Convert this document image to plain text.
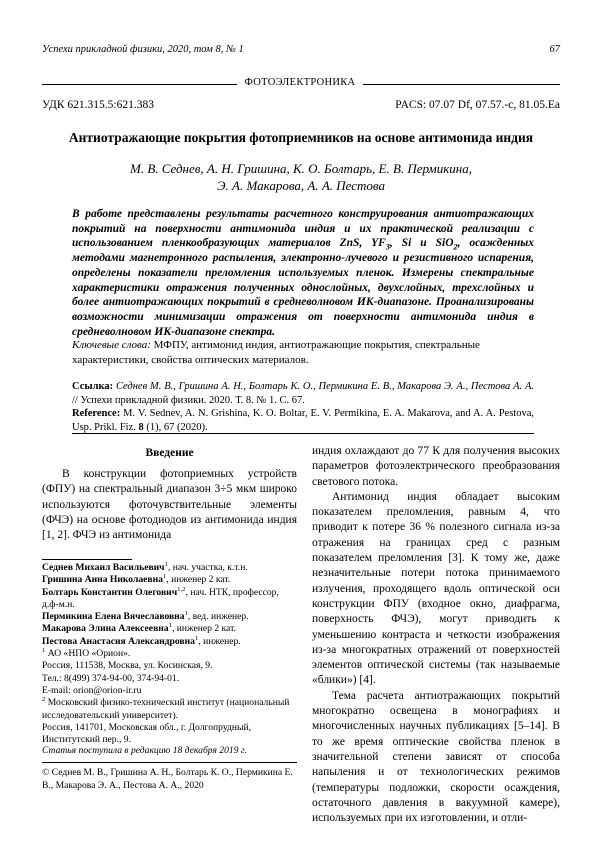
Успехи прикладной физики, 2020, том 8, № 1	67
ФОТОЭЛЕКТРОНИКА
УДК 621.315.5:621.383	PACS: 07.07 Df, 07.57.-c, 81.05.Ea
Антиотражающие покрытия фотоприемников на основе антимонида индия
М. В. Седнев, А. Н. Гришина, К. О. Болтарь, Е. В. Пермикина,
Э. А. Макарова, А. А. Пестова
В работе представлены результаты расчетного конструирования антиотражающих покрытий на поверхности антимонида индия и их практической реализации с использованием пленкообразующих материалов ZnS, $YF_3$, Si и SiO$_2$, осажденных методами магнетронного распыления, электронно-лучевого и резистивного испарения, определены показатели преломления используемых пленок. Измерены спектральные характеристики отражения полученных однослойных, двухслойных, трехслойных и более антиотражающих покрытий в средневолновом ИК-диапазоне. Проанализированы возможности минимизации отражения от поверхности антимонида индия в средневолновом ИК-диапазоне спектра.
Ключевые слова: МФПУ, антимонид индия, антиотражающие покрытия, спектральные характеристики, свойства оптических материалов.
Ссылка: Седнев М. В., Гришина А. Н., Болтарь К. О., Пермикина Е. В., Макарова Э. А., Пестова А. А. // Успехи прикладной физики. 2020. Т. 8. № 1. С. 67.
Reference: M. V. Sednev, A. N. Grishina, K. O. Boltar, E. V. Permikina, E. A. Makarova, and A. A. Pestova, Usp. Prikl. Fiz. 8 (1), 67 (2020).
Введение

В конструкции фотоприемных устройств (ФПУ) на спектральный диапазон 3÷5 мкм широко используются фоточувствительные элементы (ФЧЭ) на основе фотодиодов из антимонида индия [1, 2]. ФЧЭ из антимонида

Седнев Михаил Васильевич$^1$, нач. участка, к.т.н.
Гришина Анна Николаевна$^1$, инженер 2 кат.
Болтарь Константин Олегович$^{1,2}$, нач. НТК, профессор, д.ф-м.н.
Пермикина Елена Вячеславовна$^1$, вед. инженер.
Макарова Элина Алексеевна$^1$, инженер 2 кат.
Пестова Анастасия Александровна$^1$, инженер.
$^1$ АО «НПО «Орион».
Россия, 111538, Москва, ул. Косинская, 9.
Тел.: 8(499) 374-94-00, 374-94-01.
E-mail: orion@orion-ir.ru
$^2$ Московский физико-технический институт (национальный исследовательский университет).
Россия, 141701, Московская обл., г. Долгопрудный, Институтский пер., 9.
Статья поступила в редакцию 18 декабря 2019 г.
© Седнев М. В., Гришина А. Н., Болтарь К. О., Пермикина Е. В., Макарова Э. А., Пестова А. А., 2020

индия охлаждают до 77 К для получения высоких параметров фотоэлектрического преобразования светового потока.

Антимонид индия обладает высоким показателем преломления, равным 4, что приводит к потере 36 % полезного сигнала из-за отражения на границах сред с разным показателем преломления [3]. К тому же, даже незначительные потери потока принимаемого излучения, проходящего вдоль оптической оси конструкции ФПУ (входное окно, диафрагма, поверхность ФЧЭ), могут приводить к уменьшению контраста и четкости изображения из-за многократных отражений от поверхностей элементов оптической системы (так называемые «блики») [4].

Тема расчета антиотражающих покрытий многократно освещена в монографиях и многочисленных научных публикациях [5–14]. В то же время оптические свойства пленок в значительной степени зависят от способа напыления и от технологических режимов (температуры подложки, скорости осаждения, остаточного давления в вакуумной камере), используемых при их изготовлении, и отли-
